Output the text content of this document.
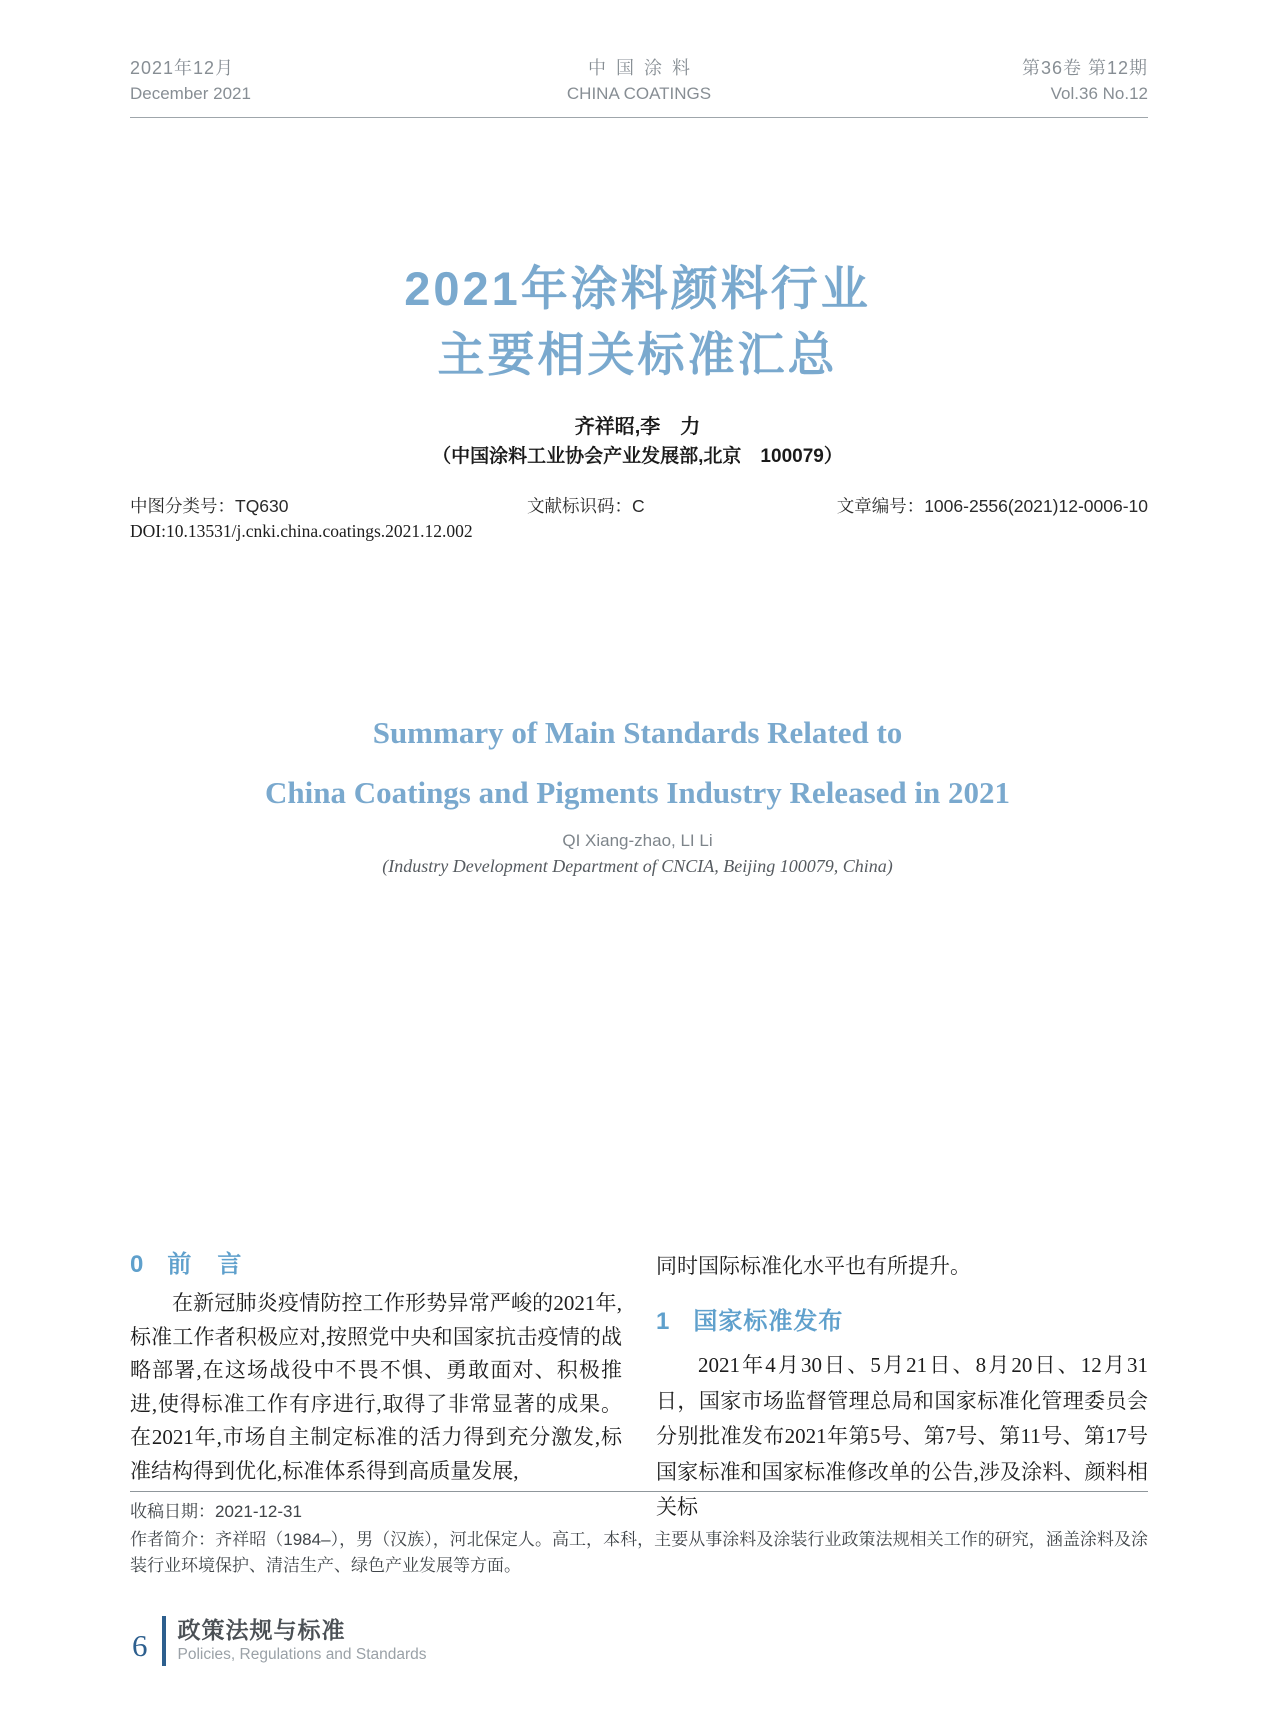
2021年12月
December 2021
中国涂料
CHINA COATINGS
第36卷 第12期
Vol.36 No.12
2021年涂料颜料行业
主要相关标准汇总
齐祥昭,李　力
（中国涂料工业协会产业发展部,北京　100079）
中图分类号：TQ630	文献标识码：C	文章编号：1006-2556(2021)12-0006-10
DOI:10.13531/j.cnki.china.coatings.2021.12.002
Summary of Main Standards Related to
China Coatings and Pigments Industry Released in 2021
QI Xiang-zhao, LI Li
(Industry Development Department of CNCIA, Beijing 100079, China)
0 前　言
在新冠肺炎疫情防控工作形势异常严峻的2021年,标准工作者积极应对,按照党中央和国家抗击疫情的战略部署,在这场战役中不畏不惧、勇敢面对、积极推进,使得标准工作有序进行,取得了非常显著的成果。在2021年,市场自主制定标准的活力得到充分激发,标准结构得到优化,标准体系得到高质量发展,
同时国际标准化水平也有所提升。
1 国家标准发布
2021年4月30日、5月21日、8月20日、12月31日，国家市场监督管理总局和国家标准化管理委员会分别批准发布2021年第5号、第7号、第11号、第17号国家标准和国家标准修改单的公告,涉及涂料、颜料相关标
收稿日期：2021-12-31
作者简介：齐祥昭（1984–），男（汉族），河北保定人。高工，本科，主要从事涂料及涂装行业政策法规相关工作的研究，涵盖涂料及涂装行业环境保护、清洁生产、绿色产业发展等方面。
6 政策法规与标准
Policies, Regulations and Standards
